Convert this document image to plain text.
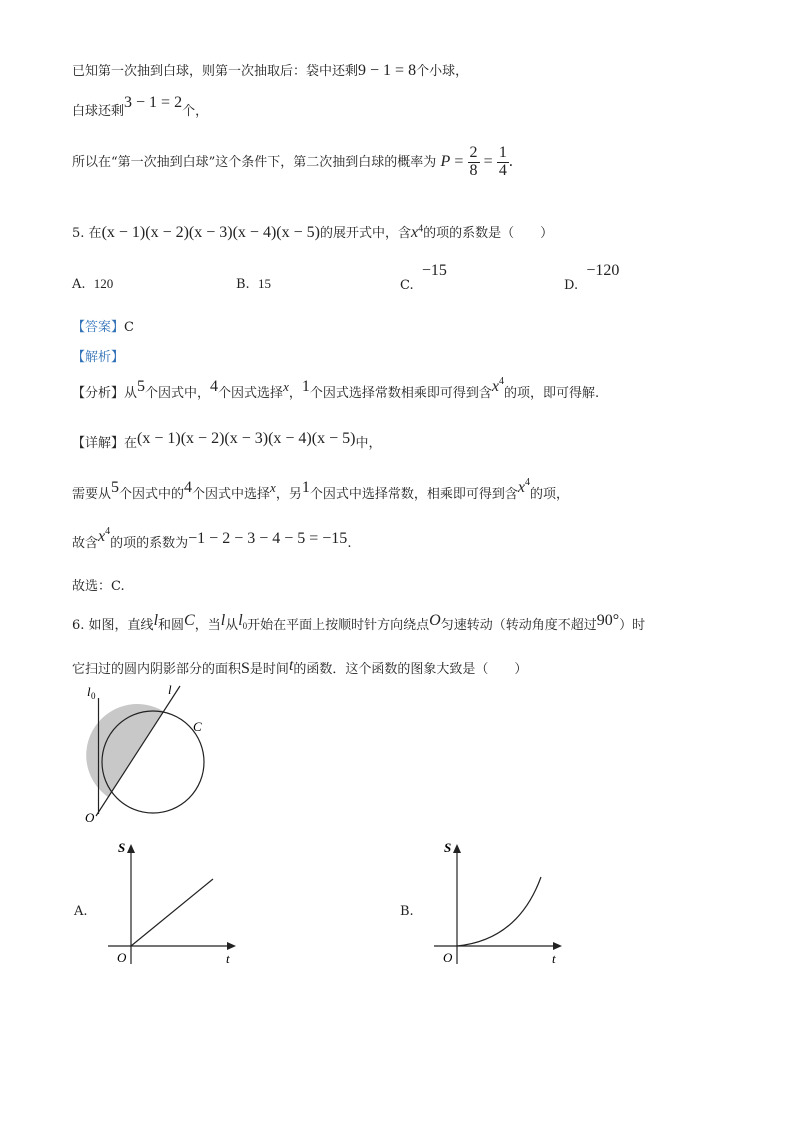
已知第一次抽到白球，则第一次抽取后：袋中还剩9 − 1 = 8个小球，
白球还剩3 − 1 = 2个，
所以在“第一次抽到白球”这个条件下，第二次抽到白球的概率为 $P = \frac{2}{8} = \frac{1}{4}$ .
5. 在(x − 1)(x − 2)(x − 3)(x − 4)(x − 5)的展开式中，含$x^4$的项的系数是（　　）
A. 120	B. 15	C.  −15
D.  −120
【答案】C
【解析】
【分析】从5个因式中，4个因式选择x，1个因式选择常数相乘即可得到含$x^4$的项，即可得解.
【详解】在(x − 1)(x − 2)(x − 3)(x − 4)(x − 5)中，
需要从5个因式中的4个因式中选择x，另1个因式中选择常数，相乘即可得到含$x^4$的项，
故含$x^4$的项的系数为−1 − 2 − 3 − 4 − 5 = −15.
故选：C.
6. 如图，直线l和圆C，当l从$l_0$开始在平面上按顺时针方向绕点O匀速转动（转动角度不超过90°）时
它扫过的圆内阴影部分的面积S是时间t的函数．这个函数的图象大致是（　　）
l 0	l
C
O
A.
S
t
O
B.
S
t
O
